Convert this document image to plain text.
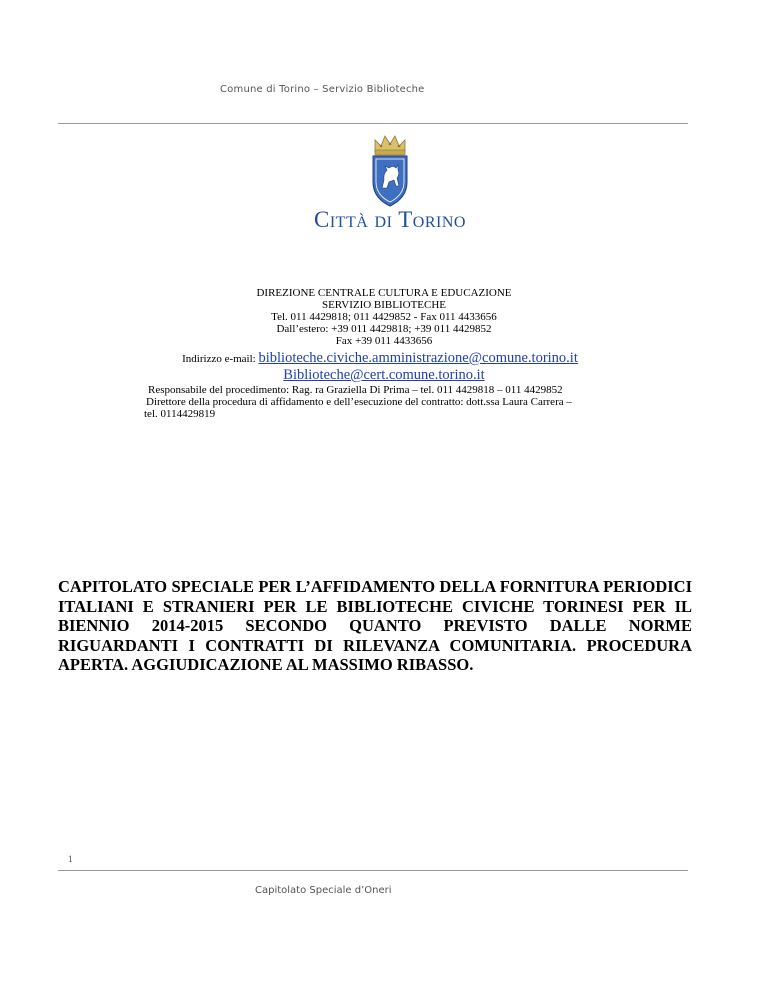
Comune di Torino – Servizio Biblioteche
Città di Torino
DIREZIONE CENTRALE CULTURA E EDUCAZIONE
SERVIZIO BIBLIOTECHE
Tel. 011 4429818; 011 4429852 - Fax 011 4433656
Dall’estero: +39 011 4429818; +39 011 4429852
Fax +39 011 4433656
Indirizzo e-mail: biblioteche.civiche.amministrazione@comune.torino.it
Biblioteche@cert.comune.torino.it
Responsabile del procedimento: Rag. ra Graziella Di Prima – tel. 011 4429818 – 011 4429852
Direttore della procedura di affidamento e dell’esecuzione del contratto: dott.ssa Laura Carrera –
tel. 0114429819
CAPITOLATO SPECIALE PER L’AFFIDAMENTO DELLA FORNITURA PERIODICI ITALIANI E STRANIERI PER LE BIBLIOTECHE CIVICHE TORINESI PER IL BIENNIO 2014-2015 SECONDO QUANTO PREVISTO DALLE NORME RIGUARDANTI I CONTRATTI DI RILEVANZA COMUNITARIA. PROCEDURA APERTA. AGGIUDICAZIONE AL MASSIMO RIBASSO.
1
Capitolato Speciale d’Oneri
